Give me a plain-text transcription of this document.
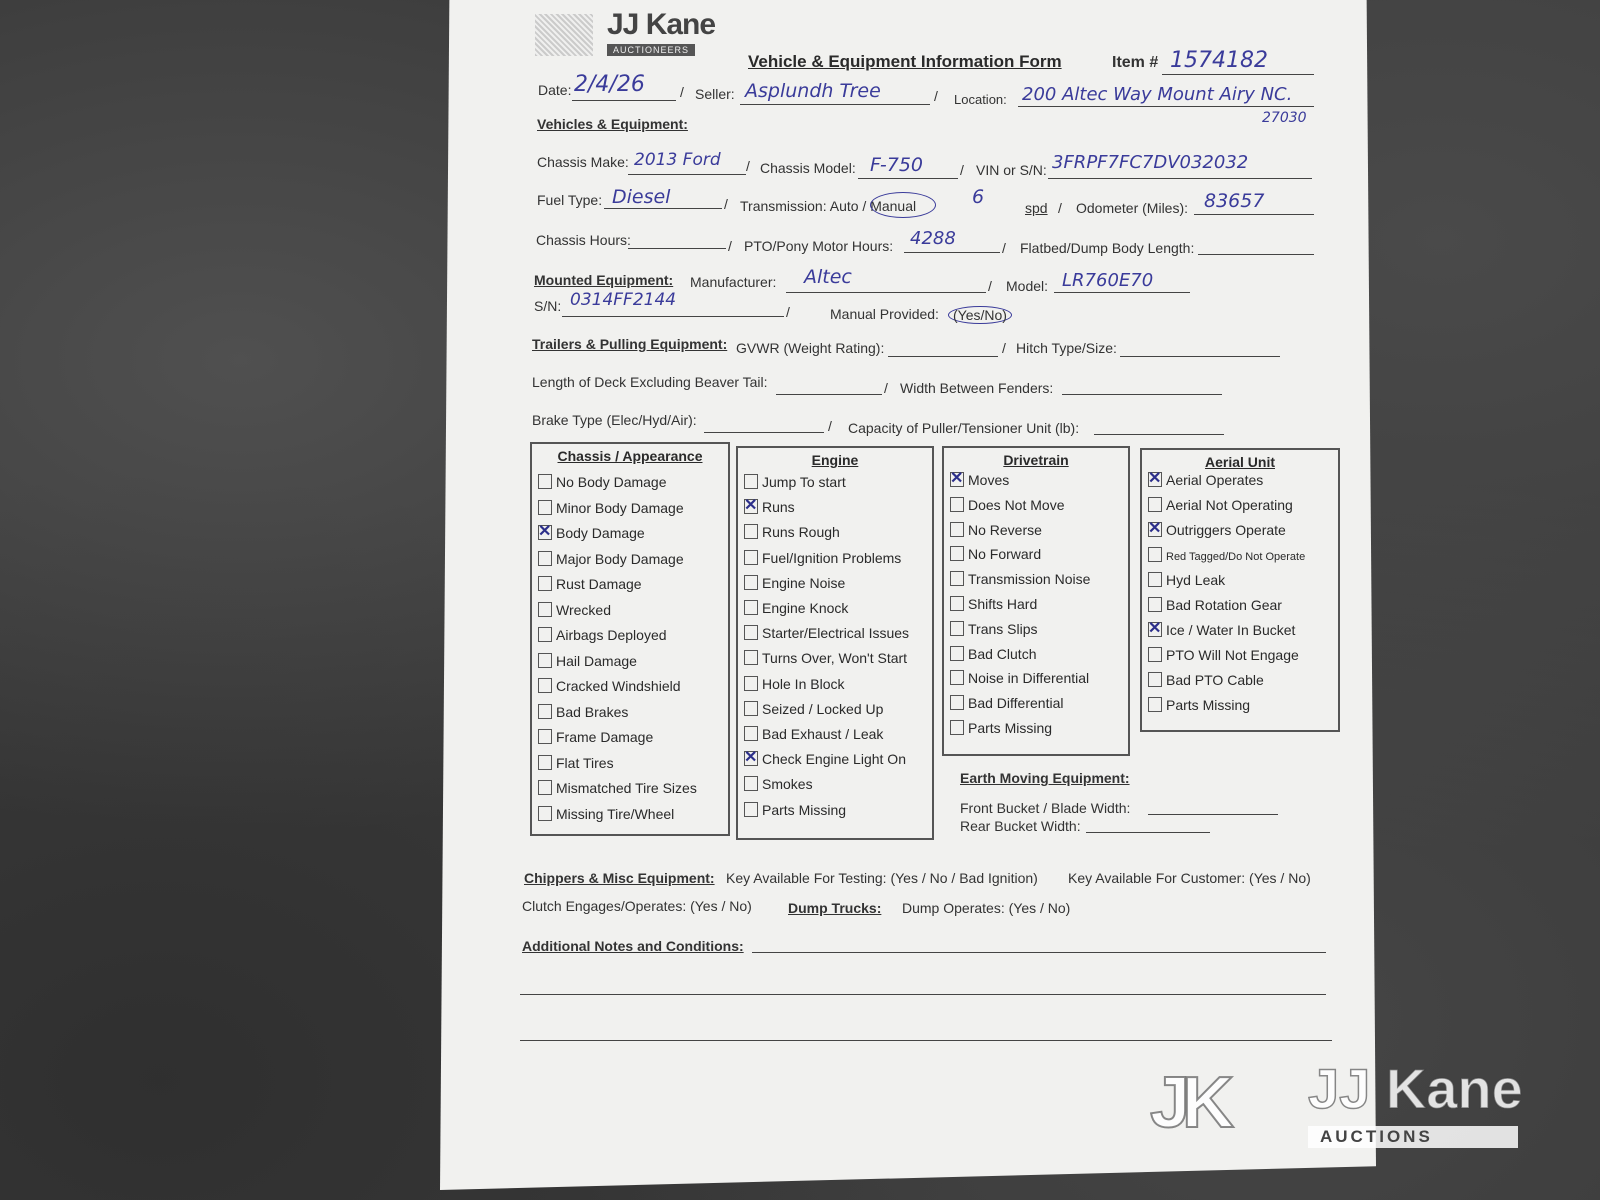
JJ Kane
AUCTIONEERS
Vehicle & Equipment Information Form	Item # 1574182
Date: 2/4/26	/ Seller: Asplundh Tree	/ Location: 200 Altec Way Mount Airy NC.
27030
Vehicles & Equipment:
Chassis Make: 2013 Ford / Chassis Model: F-750	/ VIN or S/N: 3FRPF7FC7DV032032
Fuel Type: Diesel	/ Transmission: Auto / Manual	6	spd / Odometer (Miles): 83657
Chassis Hours:	/ PTO/Pony Motor Hours: 4288	/ Flatbed/Dump Body Length:
Mounted Equipment: Manufacturer: Altec	/ Model: LR760E70
S/N: 0314FF2144
/	Manual Provided:	(Yes/No)
Trailers & Pulling Equipment: GVWR (Weight Rating):	/ Hitch Type/Size:
Length of Deck Excluding Beaver Tail:	/ Width Between Fenders:
Brake Type (Elec/Hyd/Air):	/ Capacity of Puller/Tensioner Unit (lb):
Chassis / Appearance
No Body Damage
Minor Body Damage
✕Body Damage
Major Body Damage
Rust Damage
Wrecked
Airbags Deployed
Hail Damage
Cracked Windshield
Bad Brakes
Frame Damage
Flat Tires
Mismatched Tire Sizes
Missing Tire/Wheel
Engine
Jump To start
✕Runs
Runs Rough
Fuel/Ignition Problems
Engine Noise
Engine Knock
Starter/Electrical Issues
Turns Over, Won't Start
Hole In Block
Seized / Locked Up
Bad Exhaust / Leak
✕Check Engine Light On
Smokes
Parts Missing
Drivetrain
✕Moves
Does Not Move
No Reverse
No Forward
Transmission Noise
Shifts Hard
Trans Slips
Bad Clutch
Noise in Differential
Bad Differential
Parts Missing
Aerial Unit
✕Aerial Operates
Aerial Not Operating
✕Outriggers Operate
Red Tagged/Do Not Operate
Hyd Leak
Bad Rotation Gear
✕Ice / Water In Bucket
PTO Will Not Engage
Bad PTO Cable
Parts Missing
Earth Moving Equipment:
Front Bucket / Blade Width:
Rear Bucket Width:
Chippers & Misc Equipment: Key Available For Testing: (Yes / No / Bad Ignition) Key Available For Customer: (Yes / No)
Clutch Engages/Operates: (Yes / No)	Dump Trucks: Dump Operates: (Yes / No)
Additional Notes and Conditions:
JK	JJ Kane
AUCTIONS
